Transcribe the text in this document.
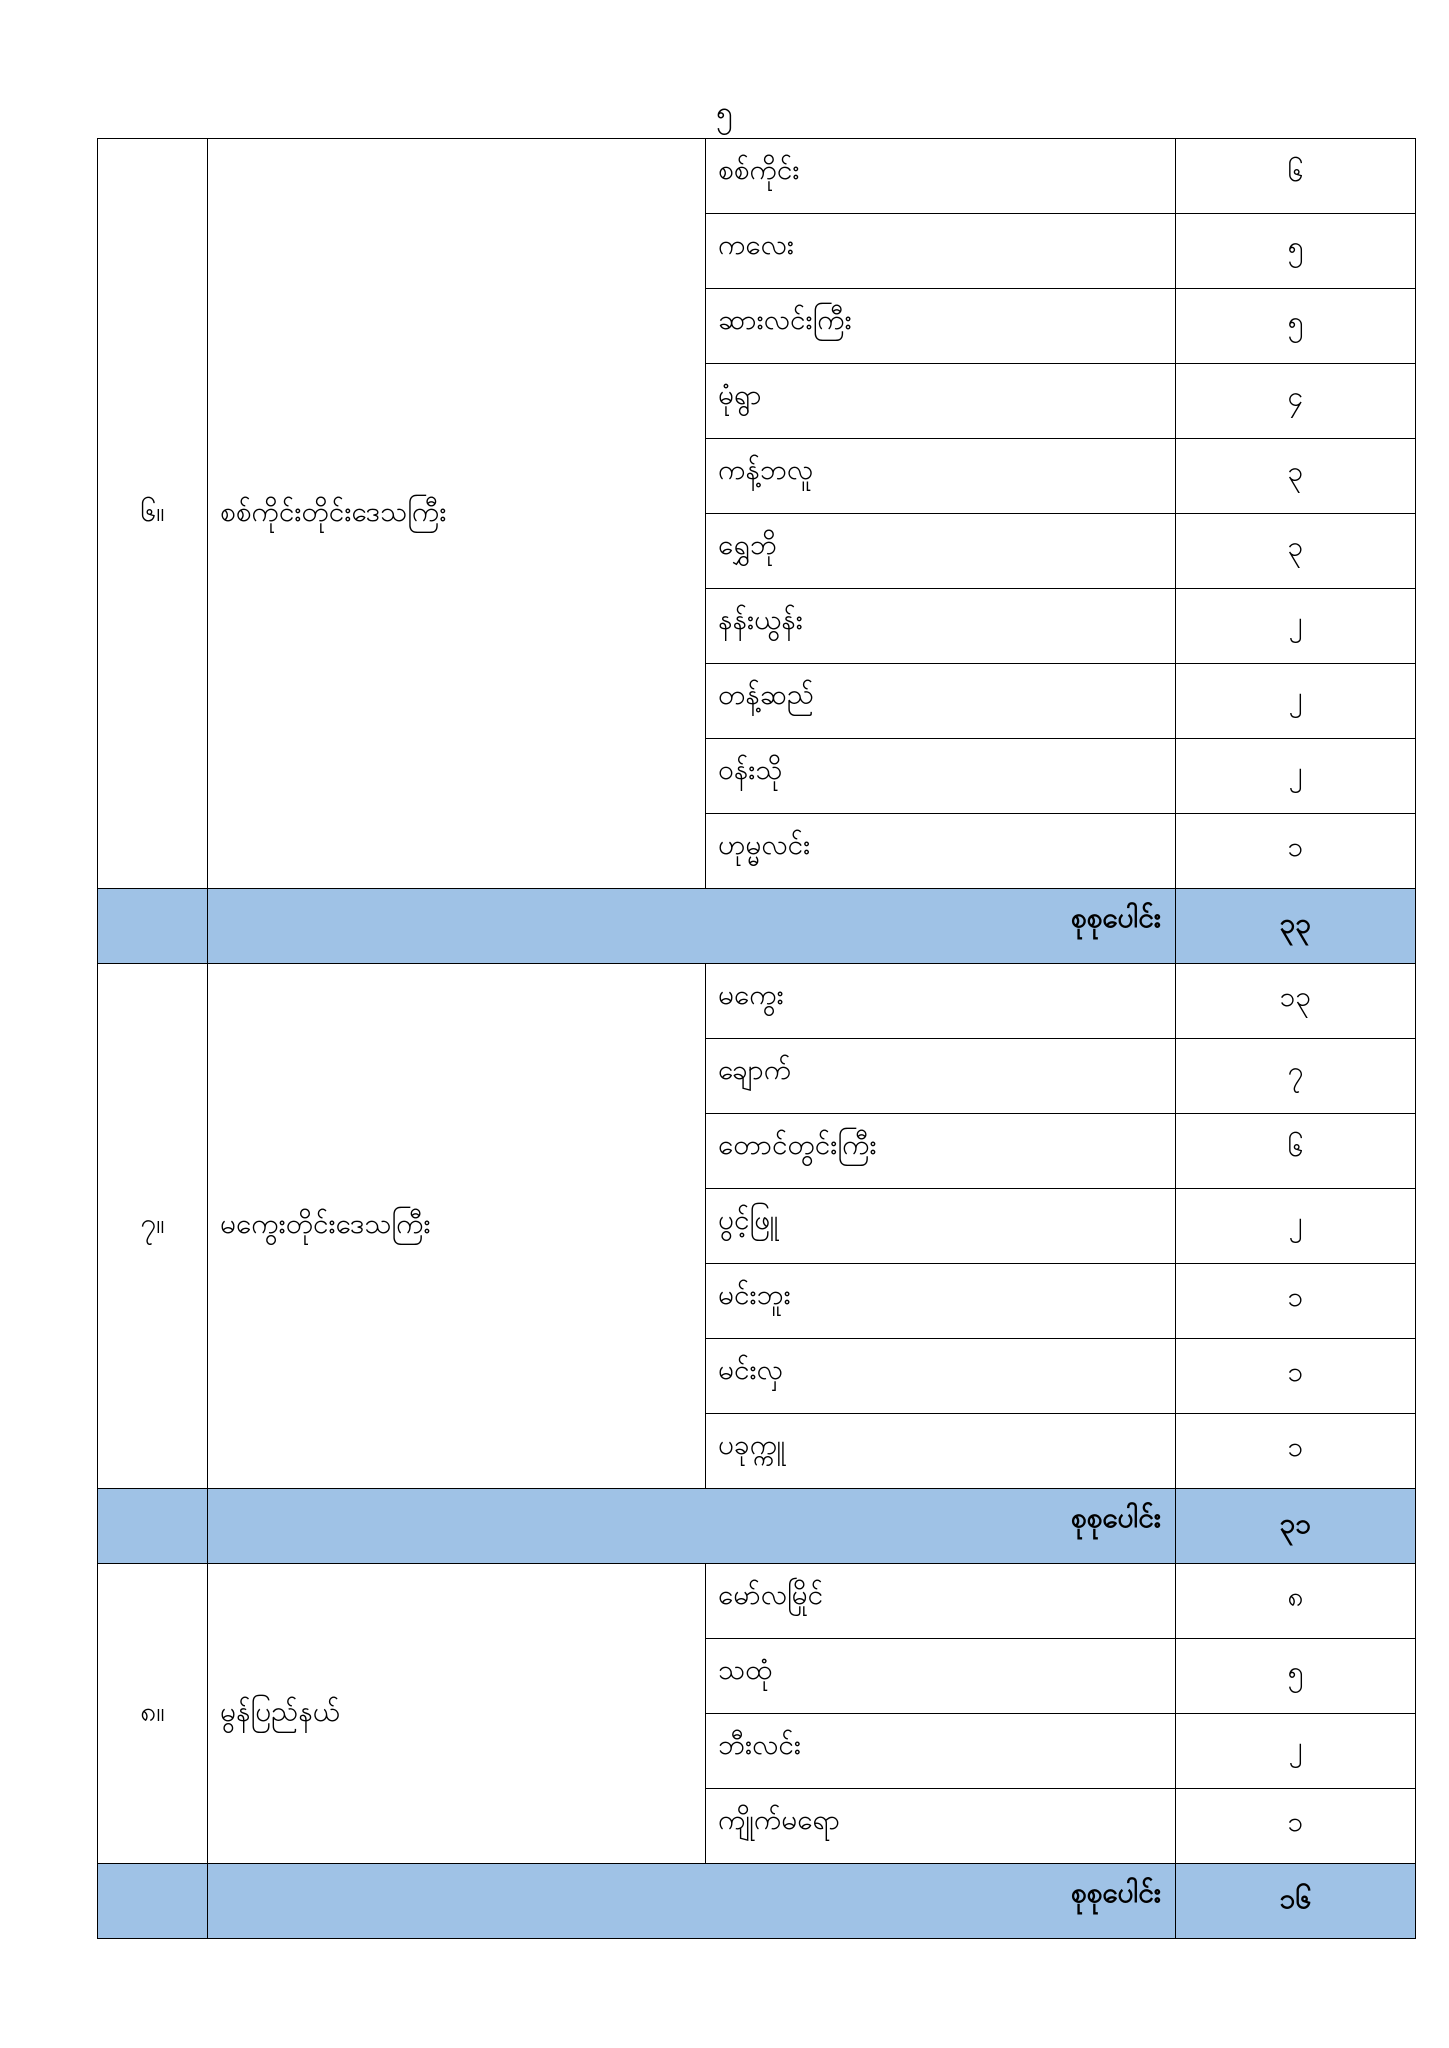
၅
၆။	စစ်ကိုင်းတိုင်းဒေသကြီး	စစ်ကိုင်း	၆
		ကလေး	၅
		ဆားလင်းကြီး	၅
		မုံရွာ	၄
		ကန့်ဘလူ	၃
		ရွှေဘို	၃
		နန်းယွန်း	၂
		တန့်ဆည်	၂
		ဝန်းသို	၂
		ဟုမ္မလင်း	၁
	စုစုပေါင်း		၃၃
၇။	မကွေးတိုင်းဒေသကြီး	မကွေး	၁၃
		ချောက်	၇
		တောင်တွင်းကြီး	၆
		ပွင့်ဖြူ	၂
		မင်းဘူး	၁
		မင်းလှ	၁
		ပခုက္ကူ	၁
	စုစုပေါင်း		၃၁
၈။	မွန်ပြည်နယ်	မော်လမြိုင်	၈
		သထုံ	၅
		ဘီးလင်း	၂
		ကျိုက်မရော	၁
	စုစုပေါင်း		၁၆
